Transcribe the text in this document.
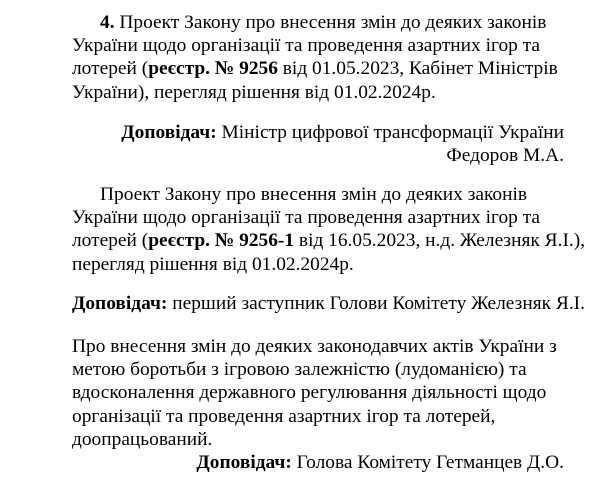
4. Проект Закону про внесення змін до деяких законів
України щодо організації та проведення азартних ігор та
лотерей (реєстр. № 9256 від 01.05.2023, Кабінет Міністрів
України), перегляд рішення від 01.02.2024р.
Доповідач: Міністр цифрової трансформації України
Федоров М.А.
Проект Закону про внесення змін до деяких законів
України щодо організації та проведення азартних ігор та
лотерей (реєстр. № 9256-1 від 16.05.2023, н.д. Железняк Я.І.),
перегляд рішення від 01.02.2024р.
Доповідач: перший заступник Голови Комітету Железняк Я.І.
Про внесення змін до деяких законодавчих актів України з
метою боротьби з ігровою залежністю (лудоманією) та
вдосконалення державного регулювання діяльності щодо
організації та проведення азартних ігор та лотерей,
доопрацьований.
Доповідач: Голова Комітету Гетманцев Д.О.
